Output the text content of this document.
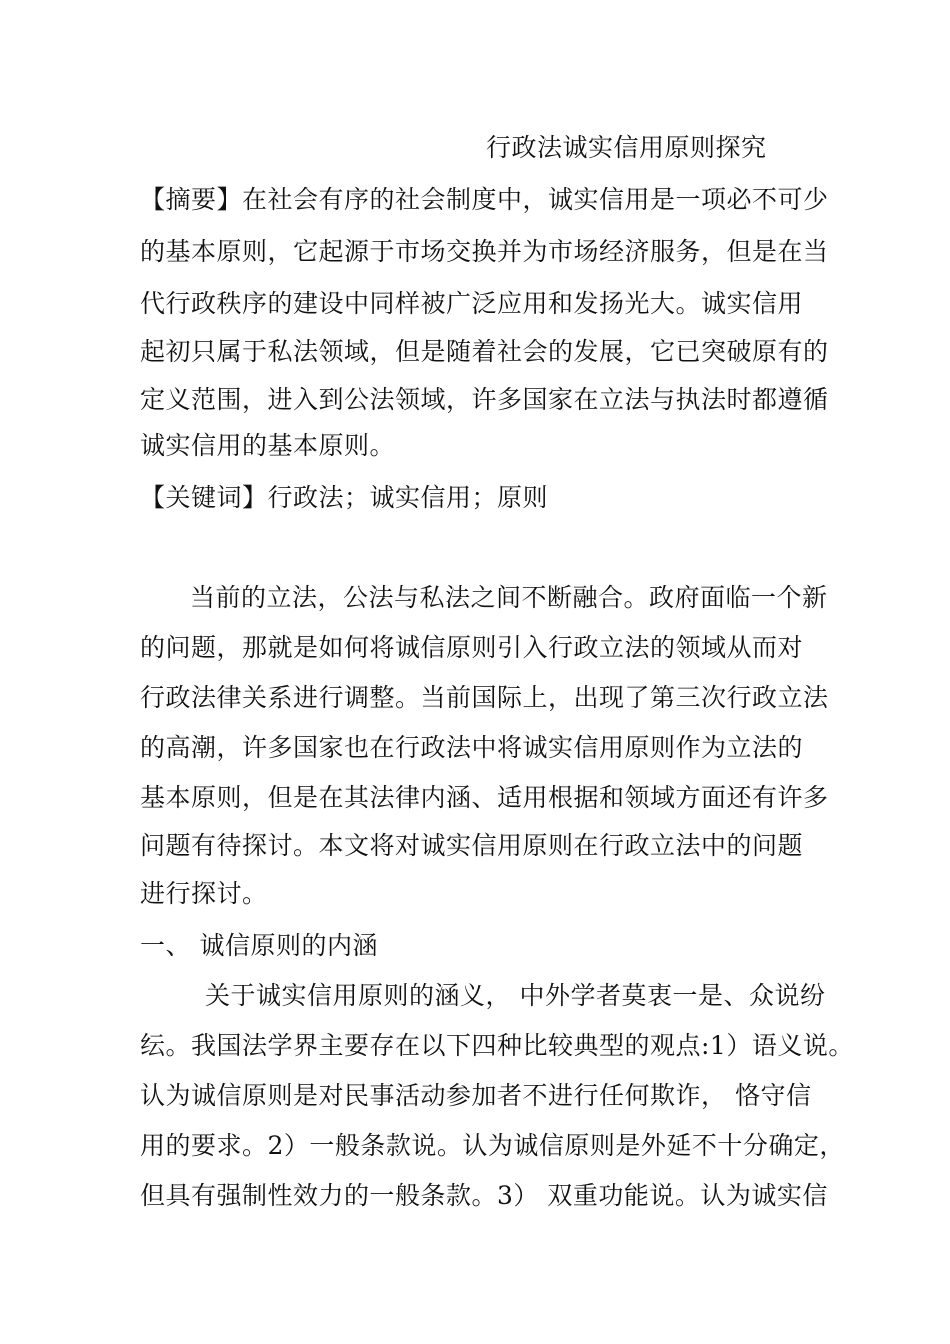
行政法诚实信用原则探究
【摘要】在社会有序的社会制度中，诚实信用是一项必不可少
的基本原则，它起源于市场交换并为市场经济服务，但是在当
代行政秩序的建设中同样被广泛应用和发扬光大。诚实信用
起初只属于私法领域，但是随着社会的发展，它已突破原有的
定义范围，进入到公法领域，许多国家在立法与执法时都遵循
诚实信用的基本原则。
【关键词】行政法；诚实信用；原则
当前的立法，公法与私法之间不断融合。政府面临一个新
的问题，那就是如何将诚信原则引入行政立法的领域从而对
行政法律关系进行调整。当前国际上，出现了第三次行政立法
的高潮，许多国家也在行政法中将诚实信用原则作为立法的
基本原则，但是在其法律内涵、适用根据和领域方面还有许多
问题有待探讨。本文将对诚实信用原则在行政立法中的问题
进行探讨。
一、 诚信原则的内涵
关于诚实信用原则的涵义， 中外学者莫衷一是、众说纷
纭。我国法学界主要存在以下四种比较典型的观点:1）语义说。
认为诚信原则是对民事活动参加者不进行任何欺诈， 恪守信
用的要求。2）一般条款说。认为诚信原则是外延不十分确定，
但具有强制性效力的一般条款。3） 双重功能说。认为诚实信
